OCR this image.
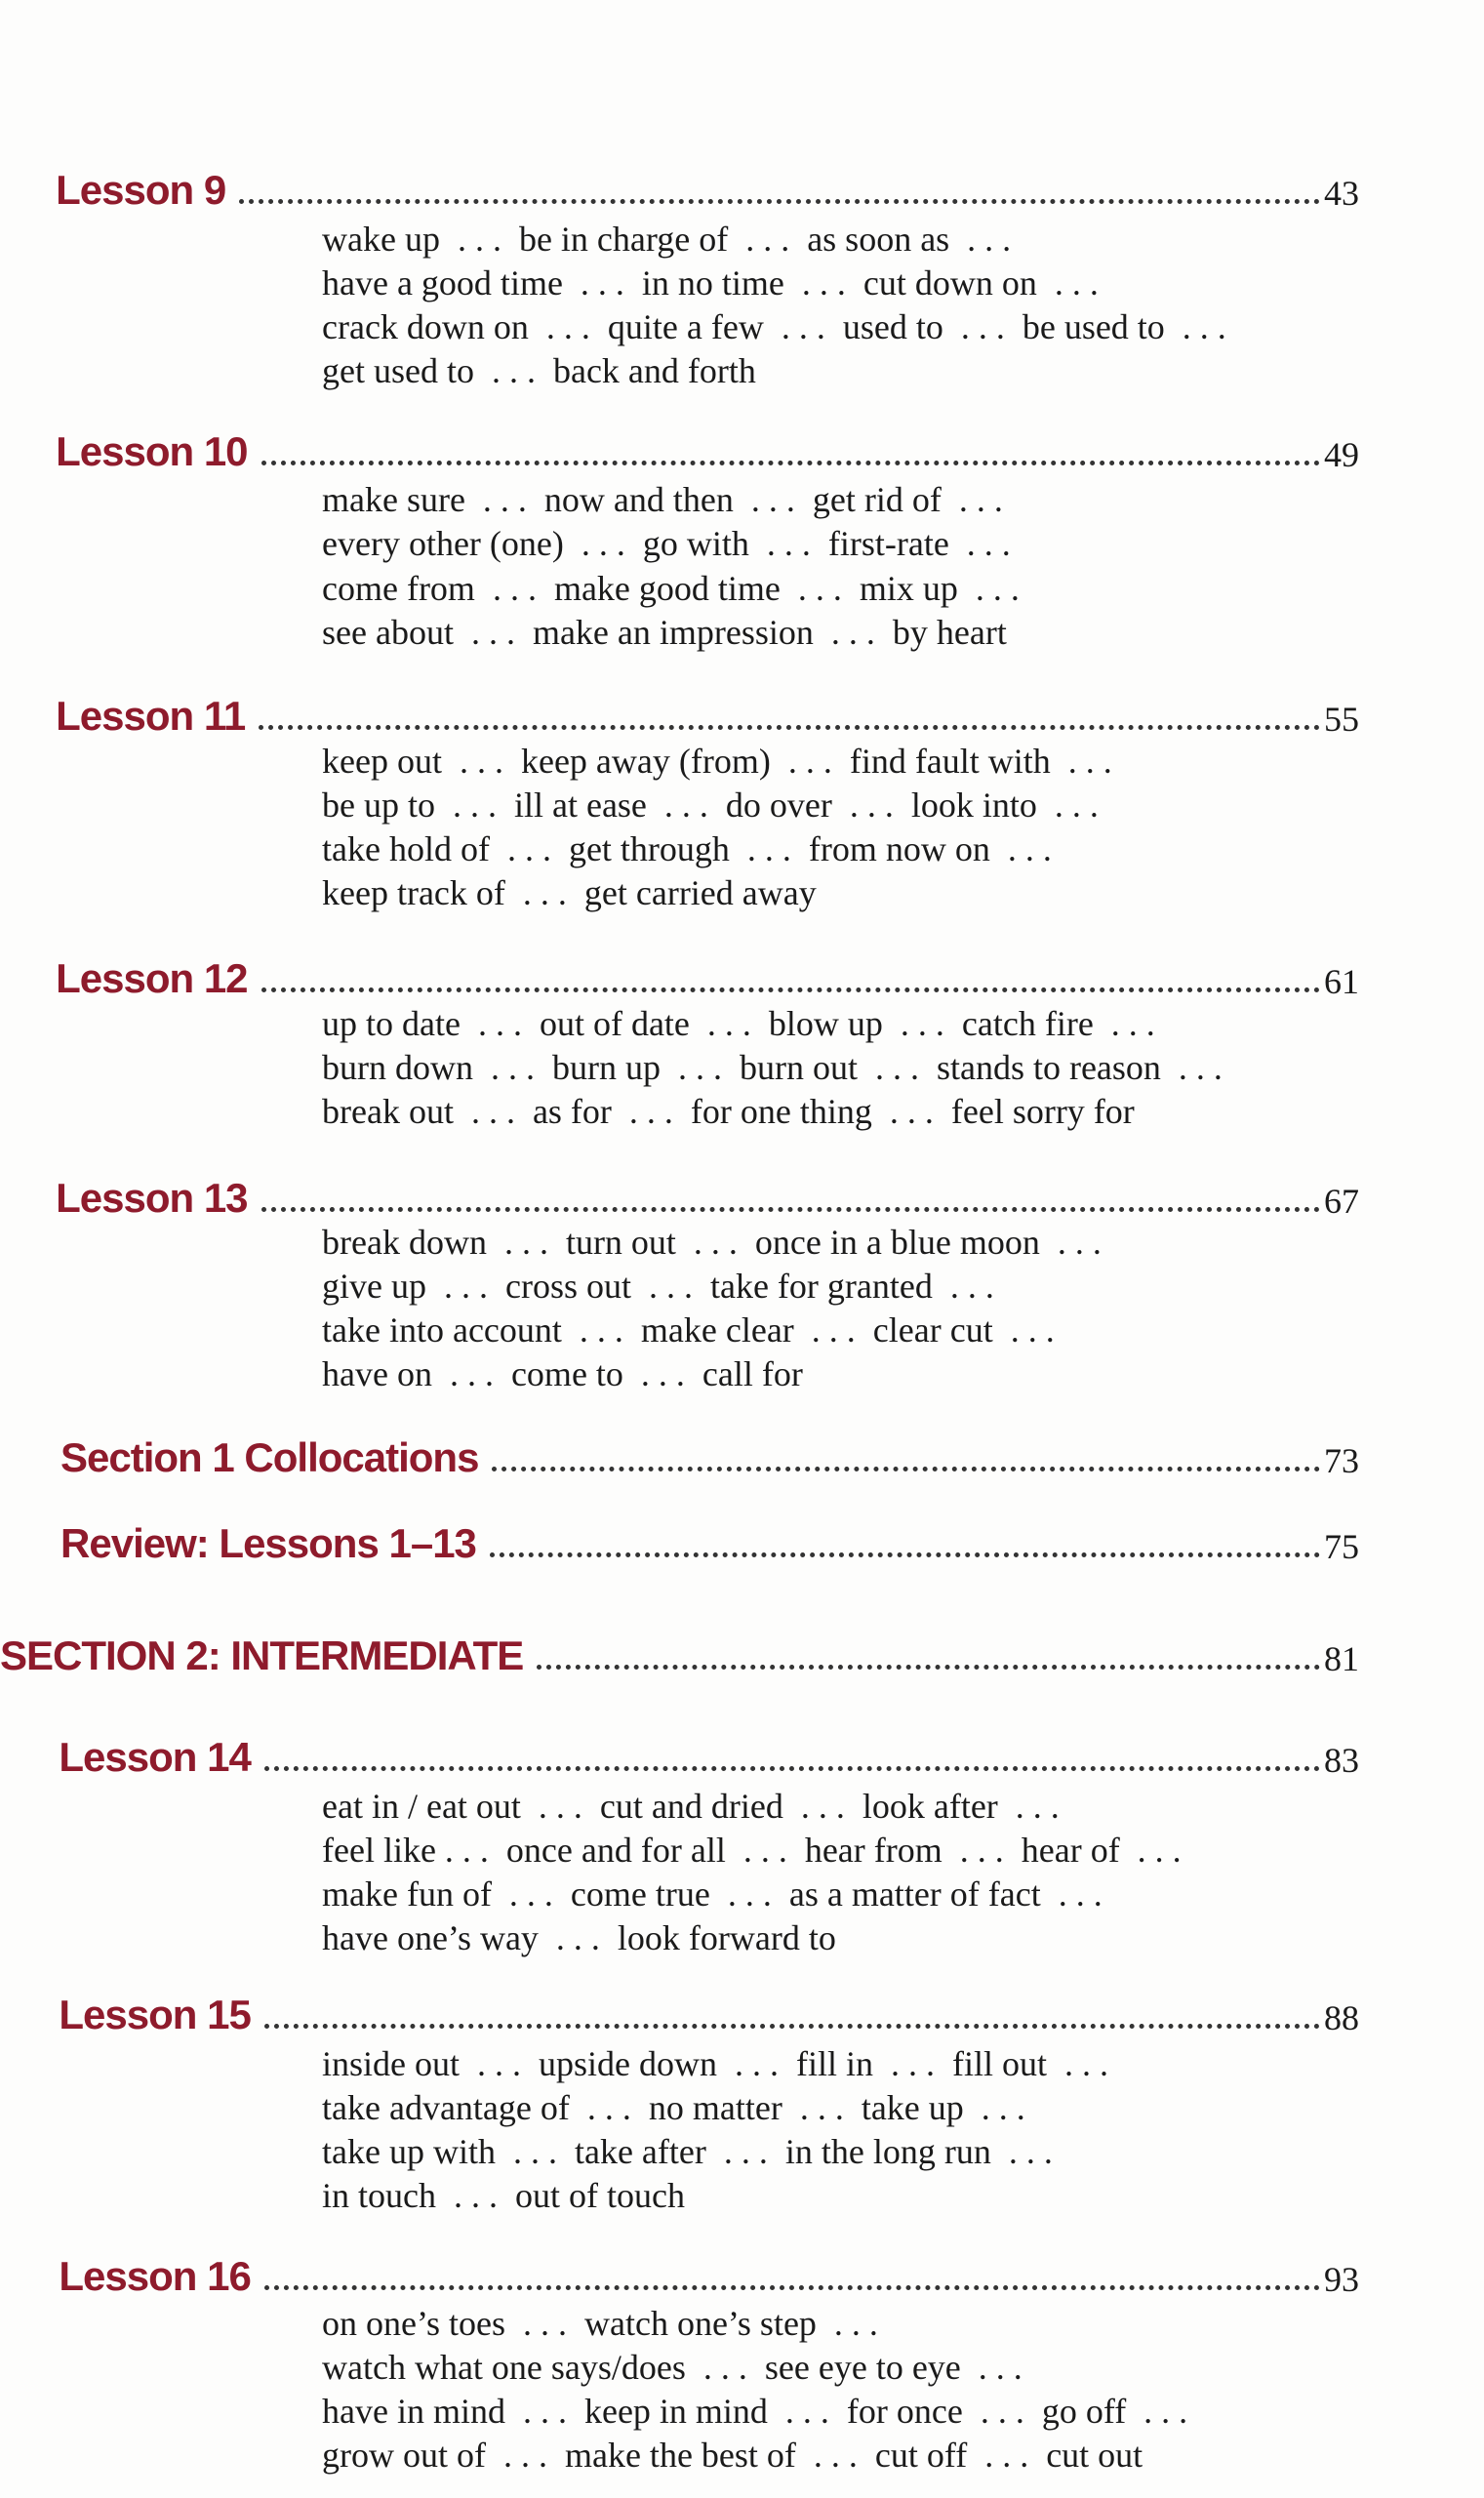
Lesson 9	43
wake up  . . .  be in charge of  . . .  as soon as  . . .
have a good time  . . .  in no time  . . .  cut down on  . . .
crack down on  . . .  quite a few  . . .  used to  . . .  be used to  . . .
get used to  . . .  back and forth
Lesson 10	49
make sure  . . .  now and then  . . .  get rid of  . . .
every other (one)  . . .  go with  . . .  first-rate  . . .
come from  . . .  make good time  . . .  mix up  . . .
see about  . . .  make an impression  . . .  by heart
Lesson 11	55
keep out  . . .  keep away (from)  . . .  find fault with  . . .
be up to  . . .  ill at ease  . . .  do over  . . .  look into  . . .
take hold of  . . .  get through  . . .  from now on  . . .
keep track of  . . .  get carried away
Lesson 12	61
up to date  . . .  out of date  . . .  blow up  . . .  catch fire  . . .
burn down  . . .  burn up  . . .  burn out  . . .  stands to reason  . . .
break out  . . .  as for  . . .  for one thing  . . .  feel sorry for
Lesson 13	67
break down  . . .  turn out  . . .  once in a blue moon  . . .
give up  . . .  cross out  . . .  take for granted  . . .
take into account  . . .  make clear  . . .  clear cut  . . .
have on  . . .  come to  . . .  call for
Section 1 Collocations	73
Review: Lessons 1–13	75
SECTION 2: INTERMEDIATE	81
Lesson 14	83
eat in / eat out  . . .  cut and dried  . . .  look after  . . .
feel like . . .  once and for all  . . .  hear from  . . .  hear of  . . .
make fun of  . . .  come true  . . .  as a matter of fact  . . .
have one’s way  . . .  look forward to
Lesson 15	88
inside out  . . .  upside down  . . .  fill in  . . .  fill out  . . .
take advantage of  . . .  no matter  . . .  take up  . . .
take up with  . . .  take after  . . .  in the long run  . . .
in touch  . . .  out of touch
Lesson 16	93
on one’s toes  . . .  watch one’s step  . . .
watch what one says/does  . . .  see eye to eye  . . .
have in mind  . . .  keep in mind  . . .  for once  . . .  go off  . . .
grow out of  . . .  make the best of  . . .  cut off  . . .  cut out
